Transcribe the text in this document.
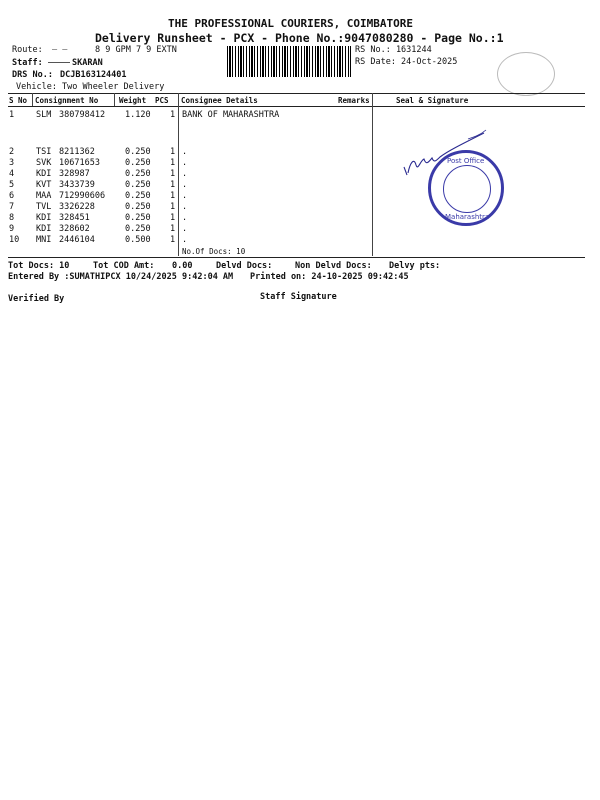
THE PROFESSIONAL COURIERS, COIMBATORE
Delivery Runsheet - PCX - Phone No.:9047080280 - Page No.:1
Route: — —	8 9 GPM 7 9 EXTN
Staff:	SKARAN
DRS No.: DCJB163124401
Vehicle: Two Wheeler Delivery
RS No.: 1631244
RS Date: 24-Oct-2025
S No Consignment No	Weight PCS Consignee Details	Remarks	Seal & Signature
1	SLM 380798412 1.120 1 BANK OF MAHARASHTRA
2	TSI 8211362	0.250 1 .
3	SVK 10671653	0.250 1 .
4	KDI 328987	0.250 1 .
5	KVT 3433739	0.250 1 .
6	MAA 712990606 0.250 1 .
7	TVL 3326228	0.250 1 .
8	KDI 328451	0.250 1 .
9	KDI 328602	0.250 1 .
10 MNI 2446104	0.500 1 .
No.Of Docs: 10
Post Office
Maharashtra
Tot Docs: 10	Tot COD Amt: 0.00	Delvd Docs:	Non Delvd Docs: Delvy pts:
Entered By :SUMATHIPCX 10/24/2025 9:42:04 AM Printed on: 24-10-2025 09:42:45
Verified By	Staff Signature
